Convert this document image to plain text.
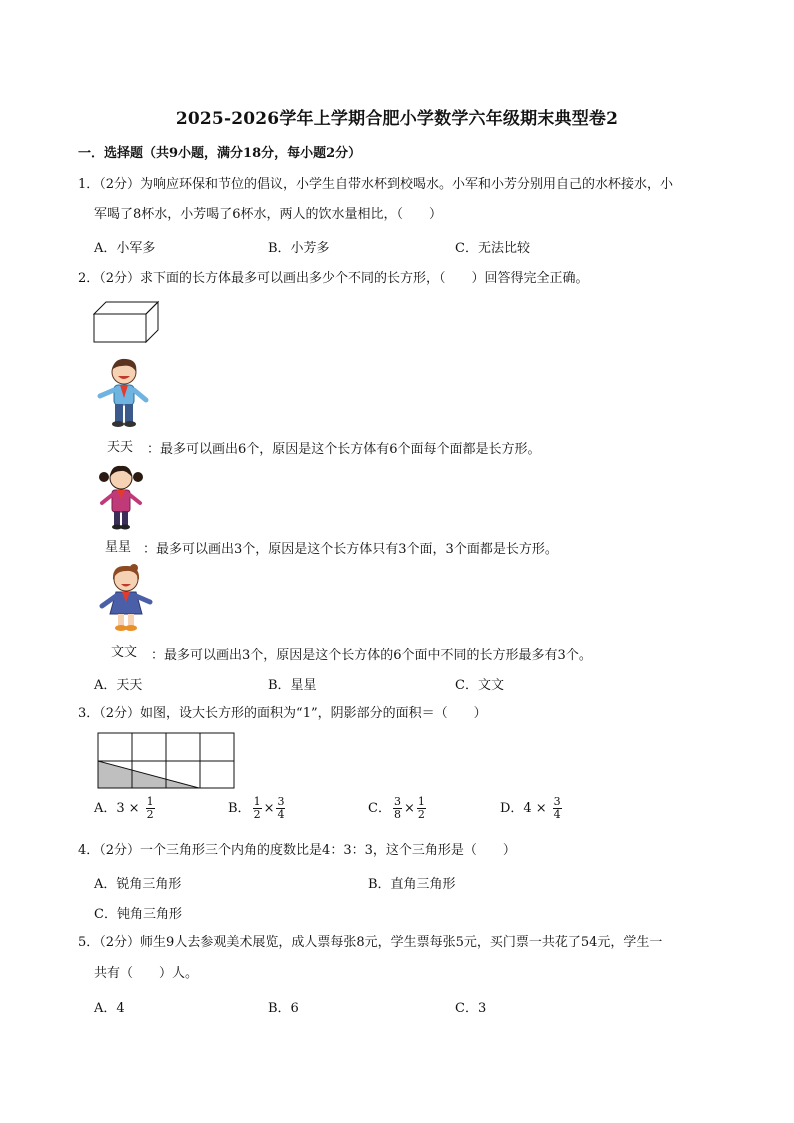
2025-2026学年上学期合肥小学数学六年级期末典型卷2
一．选择题（共9小题，满分18分，每小题2分）
1．（2分）为响应环保和节位的倡议，小学生自带水杯到校喝水。小军和小芳分别用自己的水杯接水，小
军喝了8杯水，小芳喝了6杯水，两人的饮水量相比，（　　）
A．小军多	B．小芳多	C．无法比较
2．（2分）求下面的长方体最多可以画出多少个不同的长方形，（　　）回答得完全正确。
天天 ：最多可以画出6个，原因是这个长方体有6个面每个面都是长方形。
星星 ：最多可以画出3个，原因是这个长方体只有3个面，3个面都是长方形。
文文 ：最多可以画出3个，原因是这个长方体的6个面中不同的长方形最多有3个。
A．天天	B．星星	C．文文
3．（2分）如图，设大长方形的面积为“1”，阴影部分的面积＝（　　）
A．$3 \times \frac{1}{2}$	B． $\frac{1}{2} \times \frac{3}{4}$	C． $\frac{3}{8} \times \frac{1}{2}$	D．$4 \times \frac{3}{4}$
4．（2分）一个三角形三个内角的度数比是4：3：3，这个三角形是（　　）
A．锐角三角形	B．直角三角形
C．钝角三角形
5．（2分）师生9人去参观美术展览，成人票每张8元，学生票每张5元，买门票一共花了54元，学生一
共有（　　）人。
A．4	B．6	C．3
